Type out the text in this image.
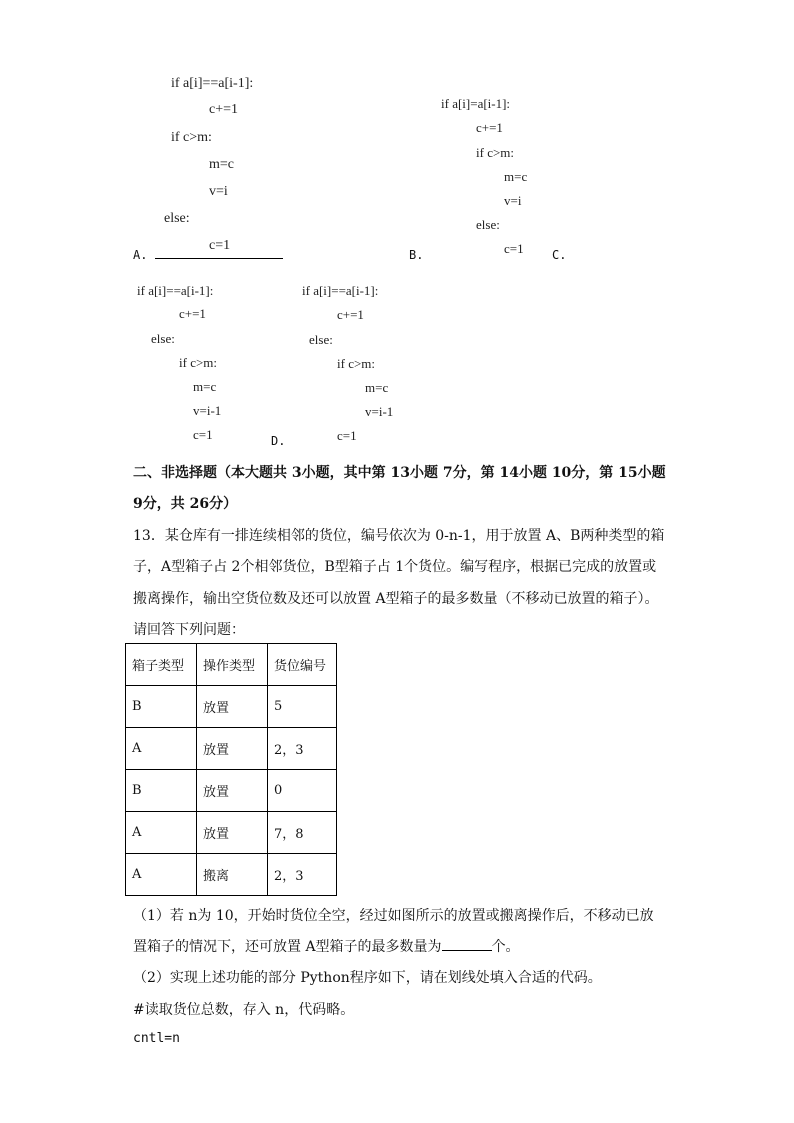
if a[i]==a[i-1]:
c+=1
if c>m:
m=c
v=i
else:
c=1
A.
if a[i]=a[i-1]:
c+=1
if c>m:
m=c
v=i
else:
c=1
B.	C.
if a[i]==a[i-1]:
c+=1
else:
if c>m:
m=c
v=i-1
c=1	D.
if a[i]==a[i-1]:
c+=1
else:
if c>m:
m=c
v=i-1
c=1
二、非选择题（本大题共 3小题，其中第 13小题 7分，第 14小题 10分，第 15小题
9分，共 26分）
13．某仓库有一排连续相邻的货位，编号依次为 0-n-1，用于放置 A、B两种类型的箱
子，A型箱子占 2个相邻货位，B型箱子占 1个货位。编写程序，根据已完成的放置或
搬离操作，输出空货位数及还可以放置 A型箱子的最多数量（不移动已放置的箱子）。
请回答下列问题：
箱子类型	操作类型	货位编号
B	放置	5
A	放置	2，3
B	放置	0
A	放置	7，8
A	搬离	2，3
（1）若 n为 10，开始时货位全空，经过如图所示的放置或搬离操作后，不移动已放
置箱子的情况下，还可放置 A型箱子的最多数量为	个。
（2）实现上述功能的部分 Python程序如下，请在划线处填入合适的代码。
#读取货位总数，存入 n，代码略。
cntl=n
